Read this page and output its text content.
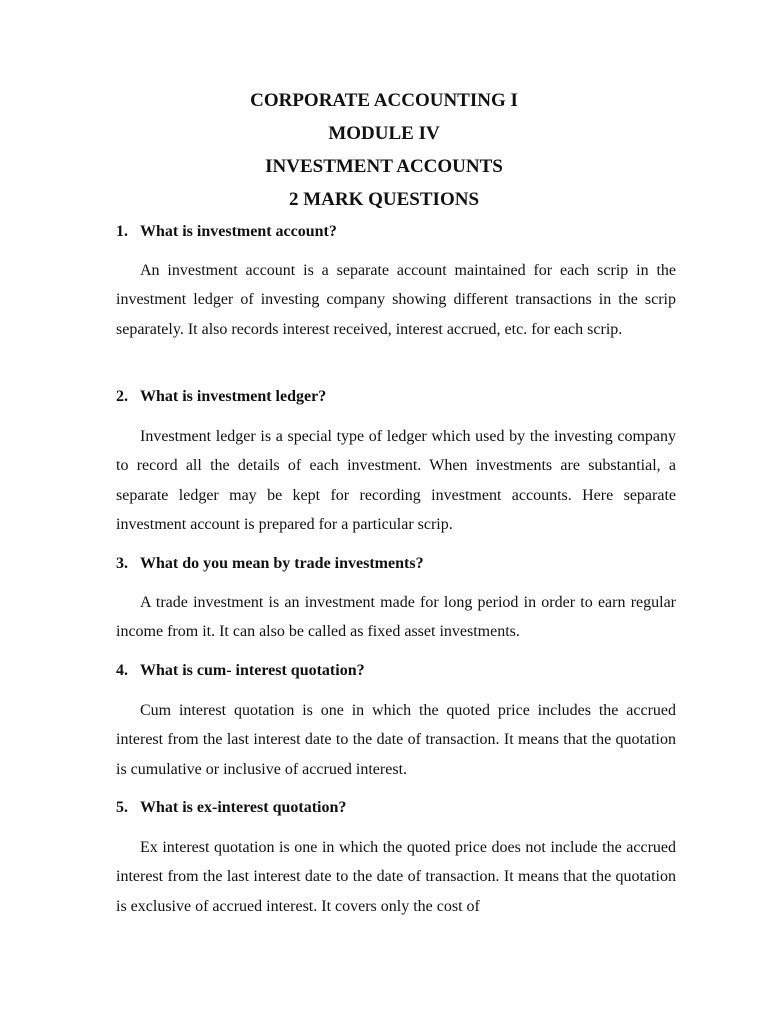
CORPORATE ACCOUNTING I
MODULE IV
INVESTMENT ACCOUNTS
2 MARK QUESTIONS
1. What is investment account?
An investment account is a separate account maintained for each scrip in the investment ledger of investing company showing different transactions in the scrip separately. It also records interest received, interest accrued, etc. for each scrip.
2. What is investment ledger?
Investment ledger is a special type of ledger which used by the investing company to record all the details of each investment. When investments are substantial, a separate ledger may be kept for recording investment accounts. Here separate investment account is prepared for a particular scrip.
3. What do you mean by trade investments?
A trade investment is an investment made for long period in order to earn regular income from it. It can also be called as fixed asset investments.
4. What is cum- interest quotation?
Cum interest quotation is one in which the quoted price includes the accrued interest from the last interest date to the date of transaction. It means that the quotation is cumulative or inclusive of accrued interest.
5. What is ex-interest quotation?
Ex interest quotation is one in which the quoted price does not include the accrued interest from the last interest date to the date of transaction. It means that the quotation is exclusive of accrued interest. It covers only the cost of
